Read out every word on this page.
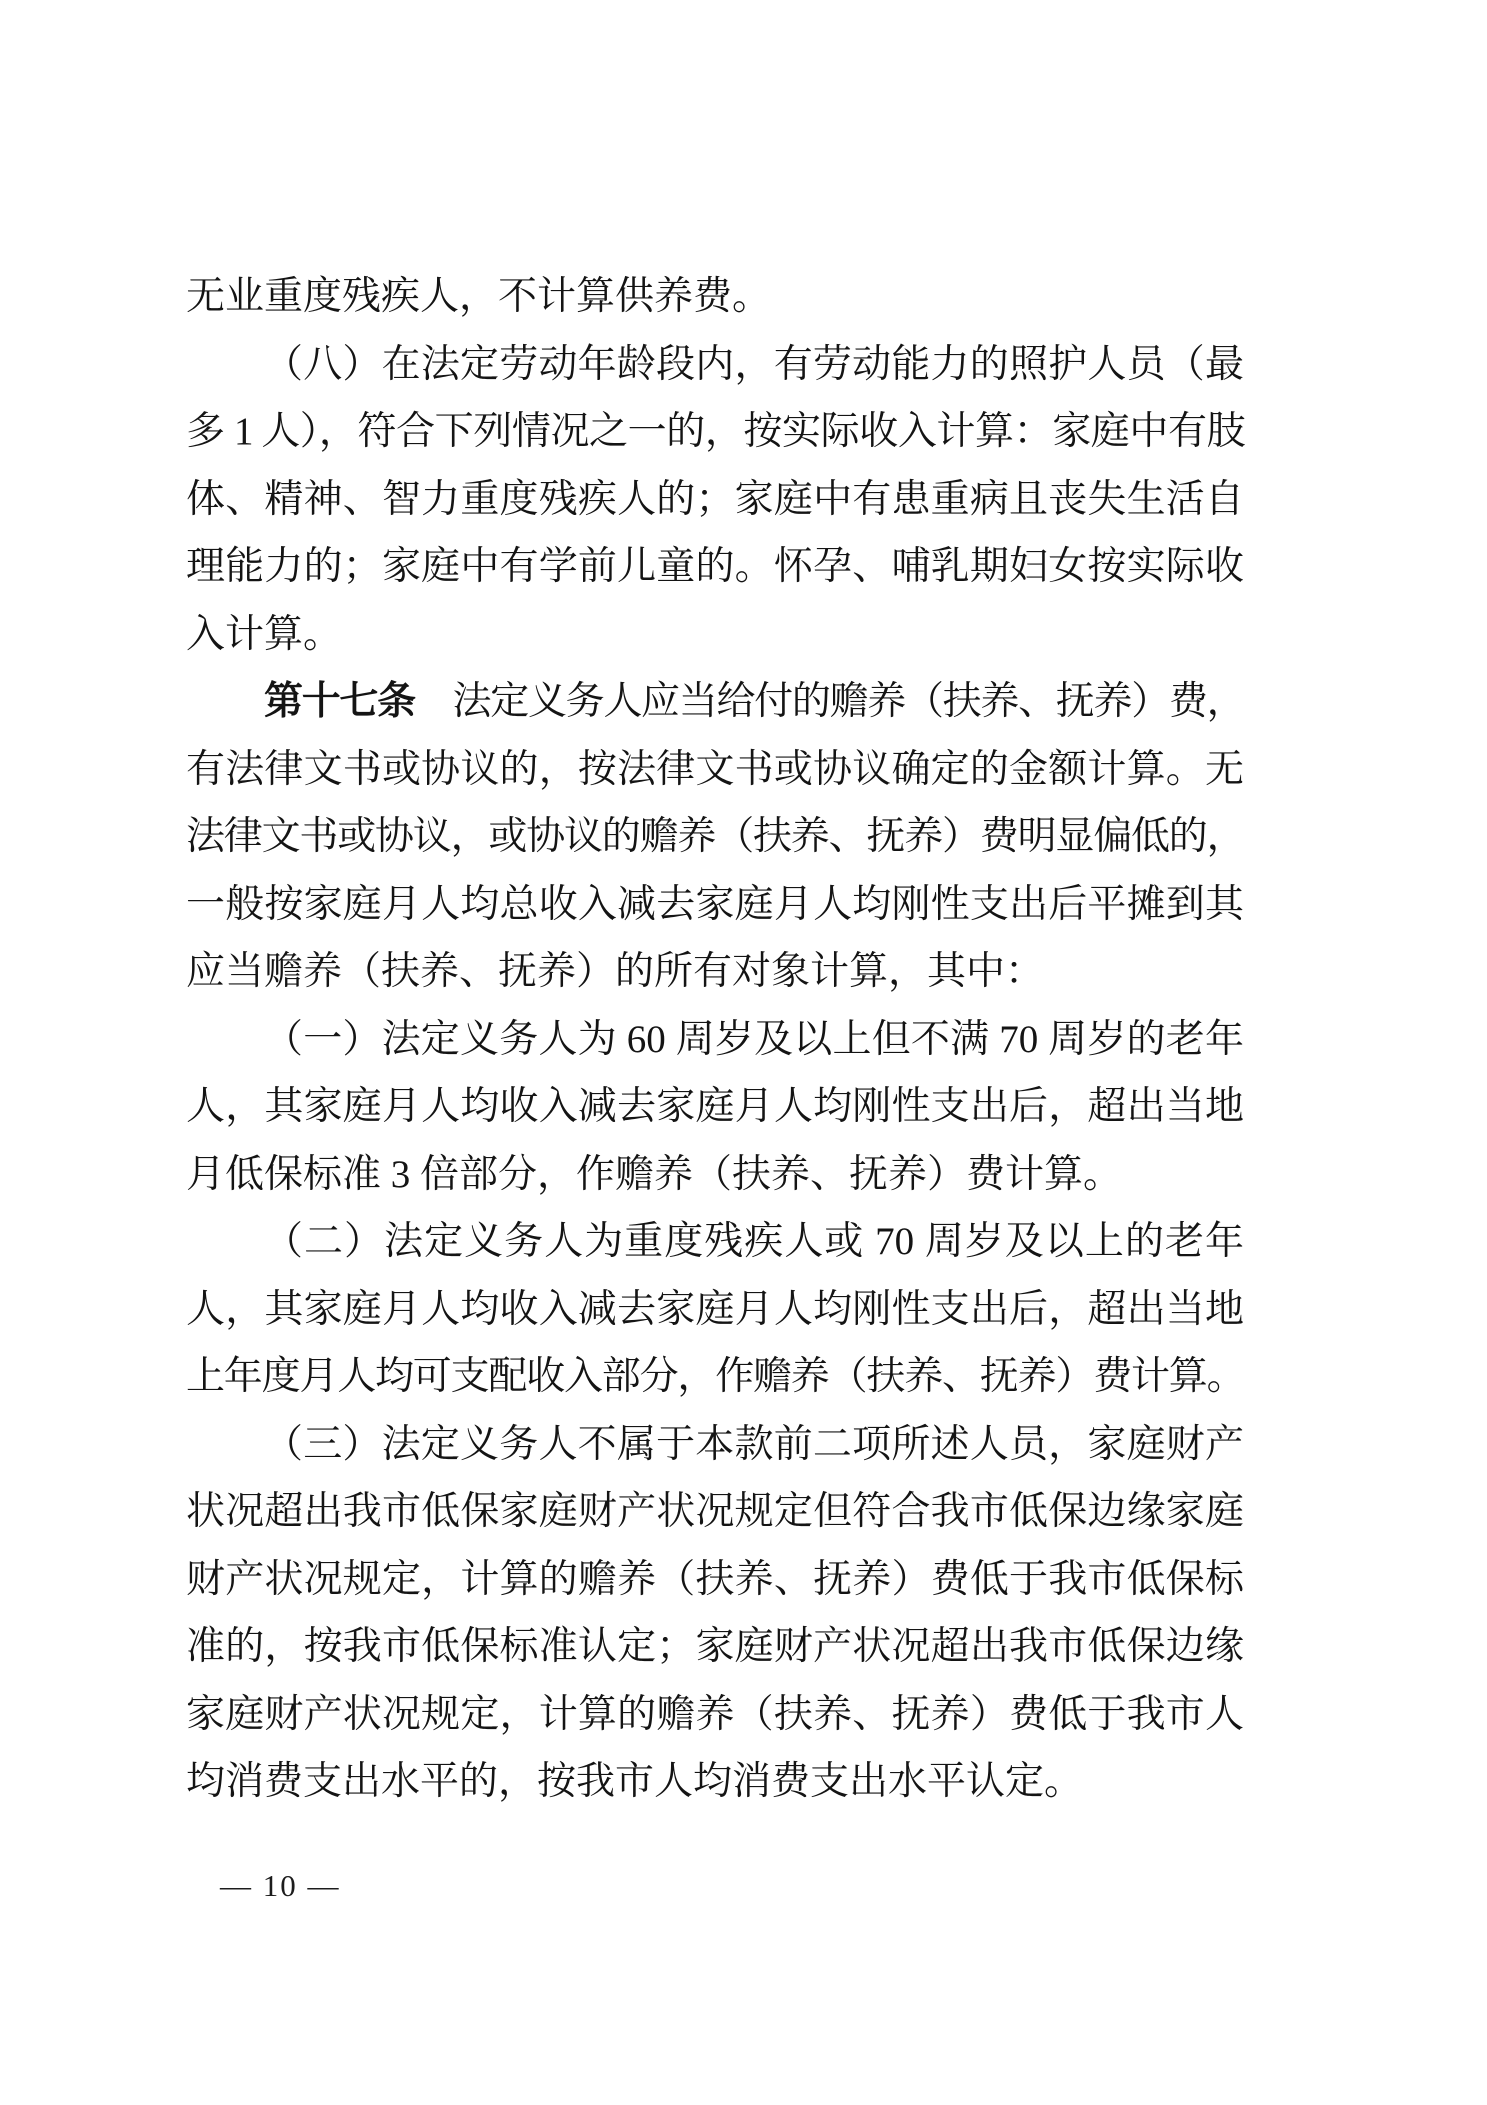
无业重度残疾人，不计算供养费。
（八）在法定劳动年龄段内，有劳动能力的照护人员（最
多 1 人），符合下列情况之一的，按实际收入计算：家庭中有肢
体、精神、智力重度残疾人的；家庭中有患重病且丧失生活自
理能力的；家庭中有学前儿童的。怀孕、哺乳期妇女按实际收
入计算。
第十七条　法定义务人应当给付的赡养（扶养、抚养）费，
有法律文书或协议的，按法律文书或协议确定的金额计算。无
法律文书或协议，或协议的赡养（扶养、抚养）费明显偏低的，
一般按家庭月人均总收入减去家庭月人均刚性支出后平摊到其
应当赡养（扶养、抚养）的所有对象计算，其中：
（一）法定义务人为 60 周岁及以上但不满 70 周岁的老年
人，其家庭月人均收入减去家庭月人均刚性支出后，超出当地
月低保标准 3 倍部分，作赡养（扶养、抚养）费计算。
（二）法定义务人为重度残疾人或 70 周岁及以上的老年
人，其家庭月人均收入减去家庭月人均刚性支出后，超出当地
上年度月人均可支配收入部分，作赡养（扶养、抚养）费计算。
（三）法定义务人不属于本款前二项所述人员，家庭财产
状况超出我市低保家庭财产状况规定但符合我市低保边缘家庭
财产状况规定，计算的赡养（扶养、抚养）费低于我市低保标
准的，按我市低保标准认定；家庭财产状况超出我市低保边缘
家庭财产状况规定，计算的赡养（扶养、抚养）费低于我市人
均消费支出水平的，按我市人均消费支出水平认定。
— 10 —
